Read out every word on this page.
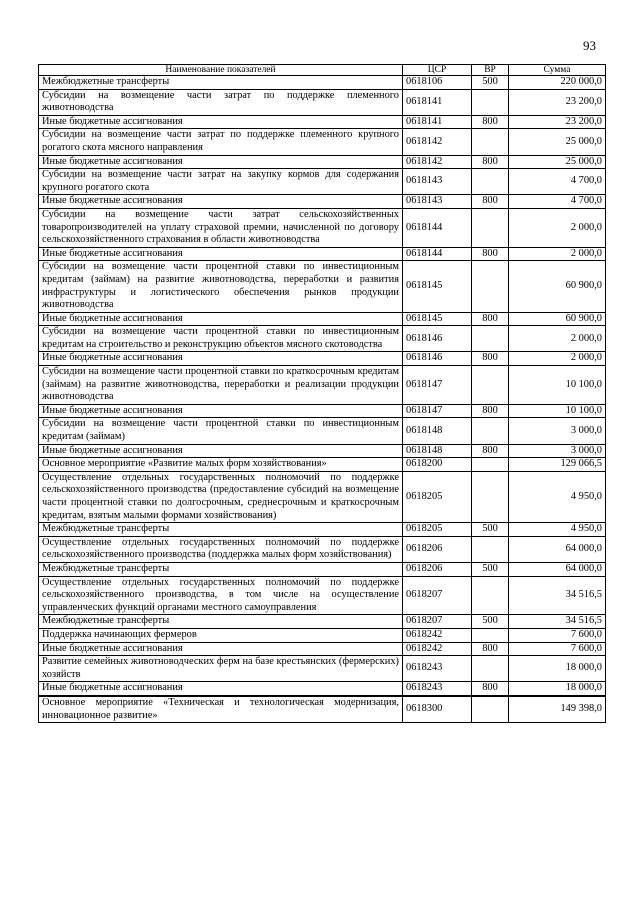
93
Наименование показателей	ЦСР	ВР	Сумма
Межбюджетные трансферты	0618106	500	220 000,0
Субсидии на возмещение части затрат по поддержке племенного животноводства	0618141		23 200,0
Иные бюджетные ассигнования	0618141	800	23 200,0
Субсидии на возмещение части затрат по поддержке племенного крупного рогатого скота мясного направления	0618142		25 000,0
Иные бюджетные ассигнования	0618142	800	25 000,0
Субсидии на возмещение части затрат на закупку кормов для содержания крупного рогатого скота	0618143		4 700,0
Иные бюджетные ассигнования	0618143	800	4 700,0
Субсидии на возмещение части затрат сельскохозяйственных товаропроизводителей на уплату страховой премии, начисленной по договору сельскохозяйственного страхования в области животноводства	0618144		2 000,0
Иные бюджетные ассигнования	0618144	800	2 000,0
Субсидии на возмещение части процентной ставки по инвестиционным кредитам (займам) на развитие животноводства, переработки и развития инфраструктуры и логистического обеспечения рынков продукции животноводства	0618145		60 900,0
Иные бюджетные ассигнования	0618145	800	60 900,0
Субсидии на возмещение части процентной ставки по инвестиционным кредитам на строительство и реконструкцию объектов мясного скотоводства	0618146		2 000,0
Иные бюджетные ассигнования	0618146	800	2 000,0
Субсидии на возмещение части процентной ставки по краткосрочным кредитам (займам) на развитие животноводства, переработки и реализации продукции животноводства	0618147		10 100,0
Иные бюджетные ассигнования	0618147	800	10 100,0
Субсидии на возмещение части процентной ставки по инвестиционным кредитам (займам)	0618148		3 000,0
Иные бюджетные ассигнования	0618148	800	3 000,0
Основное мероприятие «Развитие малых форм хозяйствования»	0618200		129 066,5
Осуществление отдельных государственных полномочий по поддержке сельскохозяйственного производства (предоставление субсидий на возмещение части процентной ставки по долгосрочным, среднесрочным и краткосрочным кредитам, взятым малыми формами хозяйствования)	0618205		4 950,0
Межбюджетные трансферты	0618205	500	4 950,0
Осуществление отдельных государственных полномочий по поддержке сельскохозяйственного производства (поддержка малых форм хозяйствования)	0618206		64 000,0
Межбюджетные трансферты	0618206	500	64 000,0
Осуществление отдельных государственных полномочий по поддержке сельскохозяйственного производства, в том числе на осуществление управленческих функций органами местного самоуправления	0618207		34 516,5
Межбюджетные трансферты	0618207	500	34 516,5
Поддержка начинающих фермеров	0618242		7 600,0
Иные бюджетные ассигнования	0618242	800	7 600,0
Развитие семейных животноводческих ферм на базе крестьянских (фермерских) хозяйств	0618243		18 000,0
Иные бюджетные ассигнования	0618243	800	18 000,0
Основное мероприятие «Техническая и технологическая модернизация, инновационное развитие»	0618300		149 398,0
